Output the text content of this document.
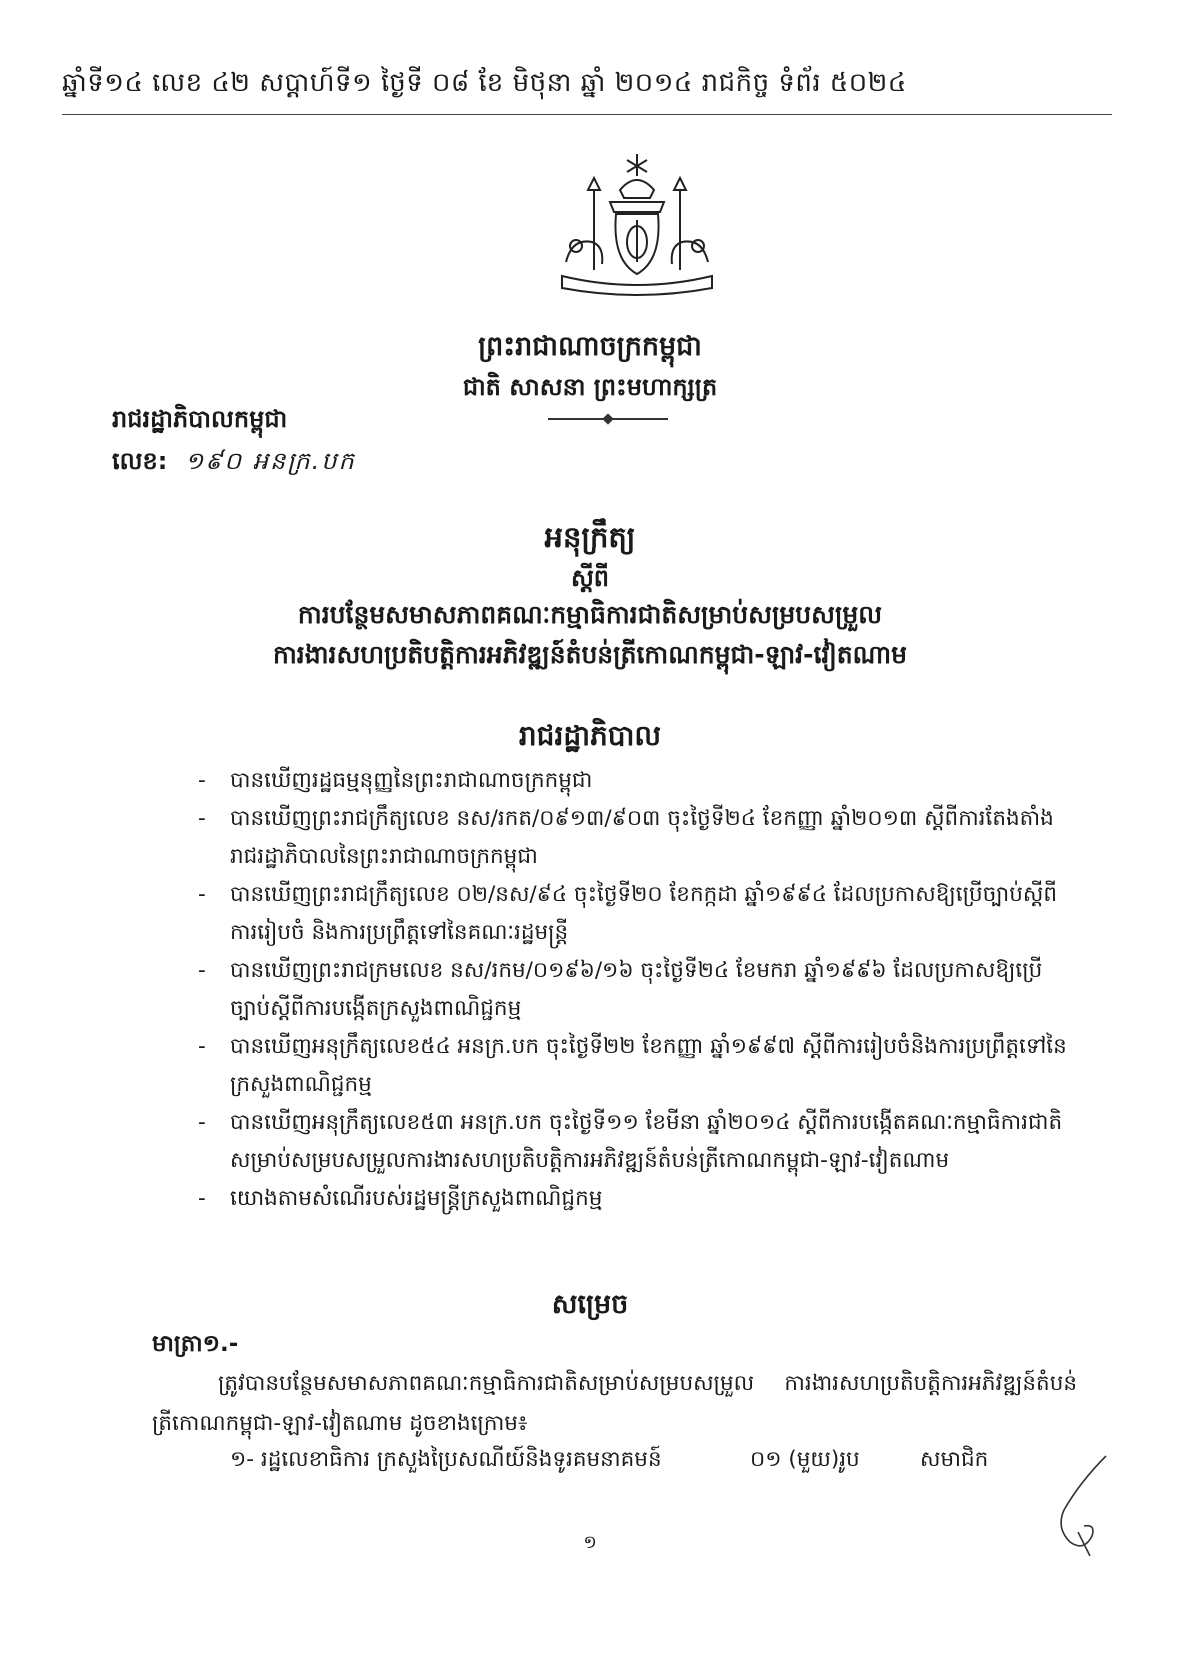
ឆ្នាំទី១៤ លេខ ៤២ សប្តាហ៍ទី១ ថ្ងៃទី ០៨ ខែ មិថុនា ឆ្នាំ ២០១៤ រាជកិច្ច ទំព័រ ៥០២៤
ព្រះរាជាណាចក្រកម្ពុជា
ជាតិ សាសនា ព្រះមហាក្សត្រ
រាជរដ្ឋាភិបាលកម្ពុជា
លេខ: ១៩០ អនក្រ.បក
អនុក្រឹត្យ
ស្តីពី
ការបន្ថែមសមាសភាពគណៈកម្មាធិការជាតិសម្រាប់សម្របសម្រួល
ការងារសហប្រតិបត្តិការអភិវឌ្ឍន៍តំបន់ត្រីកោណកម្ពុជា-ឡាវ-វៀតណាម
រាជរដ្ឋាភិបាល
- បានឃើញរដ្ឋធម្មនុញ្ញនៃព្រះរាជាណាចក្រកម្ពុជា
- បានឃើញព្រះរាជក្រឹត្យលេខ នស/រកត/០៩១៣/៩០៣ ចុះថ្ងៃទី២៤ ខែកញ្ញា ឆ្នាំ២០១៣ ស្តីពីការតែងតាំងរាជរដ្ឋាភិបាលនៃព្រះរាជាណាចក្រកម្ពុជា
- បានឃើញព្រះរាជក្រឹត្យលេខ ០២/នស/៩៤ ចុះថ្ងៃទី២០ ខែកក្កដា ឆ្នាំ១៩៩៤ ដែលប្រកាសឱ្យប្រើច្បាប់ស្តីពីការរៀបចំ និងការប្រព្រឹត្តទៅនៃគណៈរដ្ឋមន្ត្រី
- បានឃើញព្រះរាជក្រមលេខ នស/រកម/០១៩៦/១៦ ចុះថ្ងៃទី២៤ ខែមករា ឆ្នាំ១៩៩៦ ដែលប្រកាសឱ្យប្រើច្បាប់ស្តីពីការបង្កើតក្រសួងពាណិជ្ជកម្ម
- បានឃើញអនុក្រឹត្យលេខ៥៤ អនក្រ.បក ចុះថ្ងៃទី២២ ខែកញ្ញា ឆ្នាំ១៩៩៧ ស្តីពីការរៀបចំនិងការប្រព្រឹត្តទៅនៃក្រសួងពាណិជ្ជកម្ម
- បានឃើញអនុក្រឹត្យលេខ៥៣ អនក្រ.បក ចុះថ្ងៃទី១១ ខែមីនា ឆ្នាំ២០១៤ ស្តីពីការបង្កើតគណៈកម្មាធិការជាតិសម្រាប់សម្របសម្រួលការងារសហប្រតិបត្តិការអភិវឌ្ឍន៍តំបន់ត្រីកោណកម្ពុជា-ឡាវ-វៀតណាម
- យោងតាមសំណើរបស់រដ្ឋមន្ត្រីក្រសួងពាណិជ្ជកម្ម
សម្រេច
មាត្រា១.-
ត្រូវបានបន្ថែមសមាសភាពគណៈកម្មាធិការជាតិសម្រាប់សម្របសម្រួល ការងារសហប្រតិបត្តិការអភិវឌ្ឍន៍តំបន់ត្រីកោណកម្ពុជា-ឡាវ-វៀតណាម ដូចខាងក្រោម៖
១- រដ្ឋលេខាធិការ ក្រសួងប្រៃសណីយ៍និងទូរគមនាគមន៍	០១ (មួយ)រូប	សមាជិក
១
